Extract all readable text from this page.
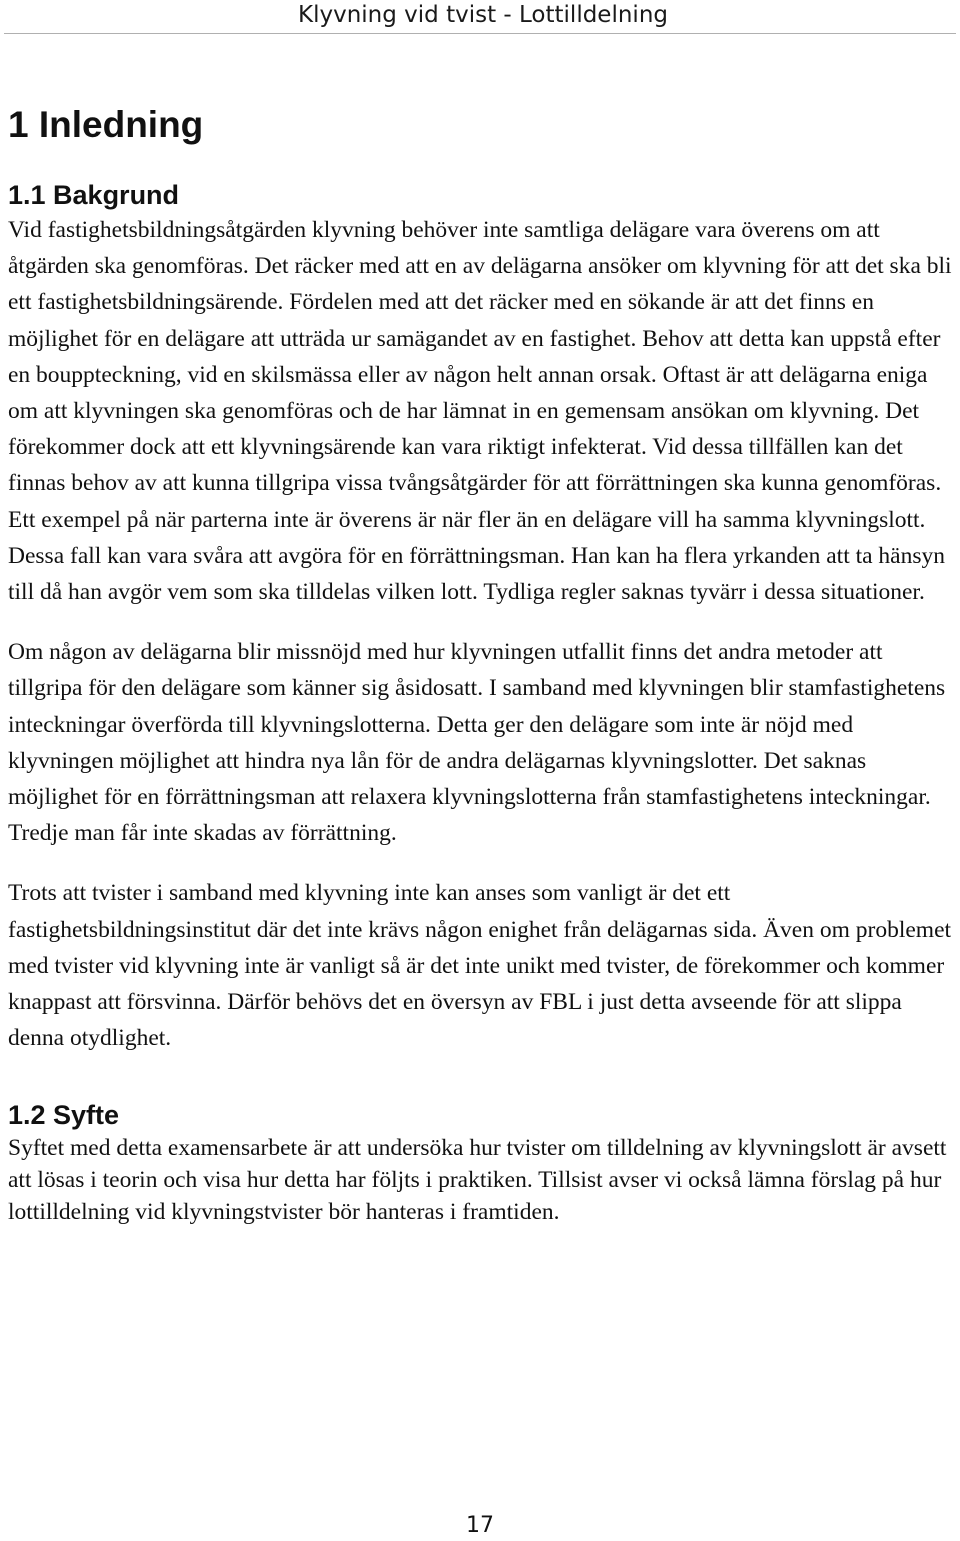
Klyvning vid tvist - Lottilldelning
1 Inledning
1.1 Bakgrund

Vid fastighetsbildningsåtgärden klyvning behöver inte samtliga delägare vara överens om att åtgärden ska genomföras. Det räcker med att en av delägarna ansöker om klyvning för att det ska bli ett fastighetsbildningsärende. Fördelen med att det räcker med en sökande är att det finns en möjlighet för en delägare att utträda ur samägandet av en fastighet. Behov att detta kan uppstå efter en bouppteckning, vid en skilsmässa eller av någon helt annan orsak. Oftast är att delägarna eniga om att klyvningen ska genomföras och de har lämnat in en gemensam ansökan om klyvning. Det förekommer dock att ett klyvningsärende kan vara riktigt infekterat. Vid dessa tillfällen kan det finnas behov av att kunna tillgripa vissa tvångsåtgärder för att förrättningen ska kunna genomföras. Ett exempel på när parterna inte är överens är när fler än en delägare vill ha samma klyvningslott. Dessa fall kan vara svåra att avgöra för en förrättningsman. Han kan ha flera yrkanden att ta hänsyn till då han avgör vem som ska tilldelas vilken lott. Tydliga regler saknas tyvärr i dessa situationer.

Om någon av delägarna blir missnöjd med hur klyvningen utfallit finns det andra metoder att tillgripa för den delägare som känner sig åsidosatt. I samband med klyvningen blir stamfastighetens inteckningar överförda till klyvningslotterna. Detta ger den delägare som inte är nöjd med klyvningen möjlighet att hindra nya lån för de andra delägarnas klyvningslotter. Det saknas möjlighet för en förrättningsman att relaxera klyvningslotterna från stamfastighetens inteckningar. Tredje man får inte skadas av förrättning.

Trots att tvister i samband med klyvning inte kan anses som vanligt är det ett fastighetsbildningsinstitut där det inte krävs någon enighet från delägarnas sida. Även om problemet med tvister vid klyvning inte är vanligt så är det inte unikt med tvister, de förekommer och kommer knappast att försvinna. Därför behövs det en översyn av FBL i just detta avseende för att slippa denna otydlighet.

1.2 Syfte

Syftet med detta examensarbete är att undersöka hur tvister om tilldelning av klyvningslott är avsett att lösas i teorin och visa hur detta har följts i praktiken. Tillsist avser vi också lämna förslag på hur lottilldelning vid klyvningstvister bör hanteras i framtiden.

17
